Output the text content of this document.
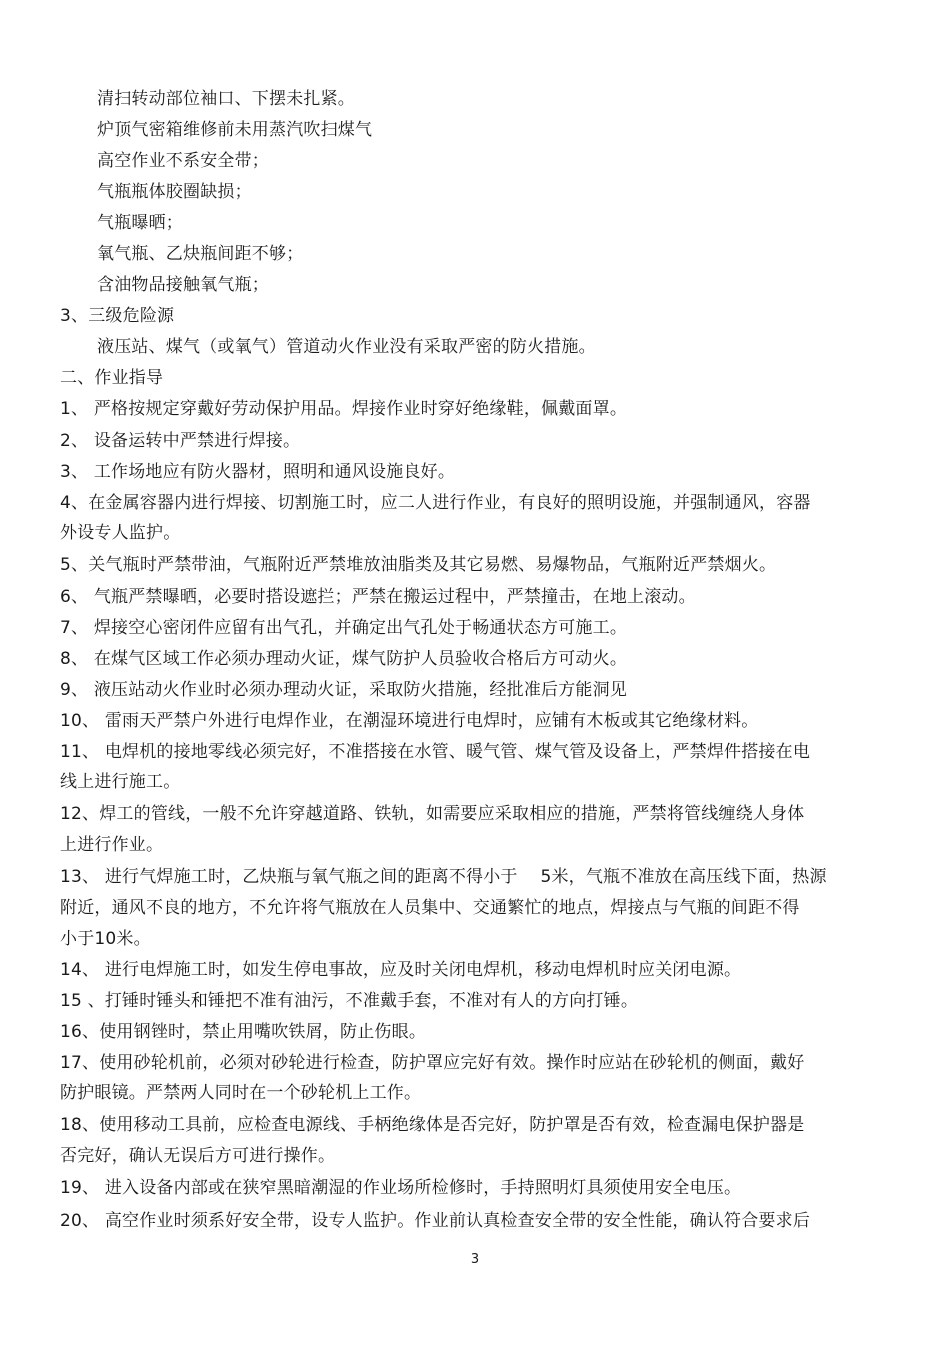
清扫转动部位袖口、下摆未扎紧。
炉顶气密箱维修前未用蒸汽吹扫煤气
高空作业不系安全带；
气瓶瓶体胶圈缺损；
气瓶曝晒；
氧气瓶、乙炔瓶间距不够；
含油物品接触氧气瓶；
3、三级危险源
液压站、煤气（或氧气）管道动火作业没有采取严密的防火措施。
二、作业指导
1、 严格按规定穿戴好劳动保护用品。焊接作业时穿好绝缘鞋，佩戴面罩。
2、 设备运转中严禁进行焊接。
3、 工作场地应有防火器材，照明和通风设施良好。
4、在金属容器内进行焊接、切割施工时，应二人进行作业，有良好的照明设施，并强制通风，容器
外设专人监护。
5、关气瓶时严禁带油，气瓶附近严禁堆放油脂类及其它易燃、易爆物品，气瓶附近严禁烟火。
6、 气瓶严禁曝晒，必要时搭设遮拦；严禁在搬运过程中，严禁撞击，在地上滚动。
7、 焊接空心密闭件应留有出气孔，并确定出气孔处于畅通状态方可施工。
8、 在煤气区域工作必须办理动火证，煤气防护人员验收合格后方可动火。
9、 液压站动火作业时必须办理动火证，采取防火措施，经批准后方能洞见
10、 雷雨天严禁户外进行电焊作业，在潮湿环境进行电焊时，应铺有木板或其它绝缘材料。
11、 电焊机的接地零线必须完好，不准搭接在水管、暖气管、煤气管及设备上，严禁焊件搭接在电
线上进行施工。
12、焊工的管线，一般不允许穿越道路、铁轨，如需要应采取相应的措施，严禁将管线缠绕人身体
上进行作业。
13、 进行气焊施工时，乙炔瓶与氧气瓶之间的距离不得小于　 5米，气瓶不准放在高压线下面，热源
附近，通风不良的地方，不允许将气瓶放在人员集中、交通繁忙的地点，焊接点与气瓶的间距不得
小于10米。
14、 进行电焊施工时，如发生停电事故，应及时关闭电焊机，移动电焊机时应关闭电源。
15 、打锤时锤头和锤把不准有油污，不准戴手套，不准对有人的方向打锤。
16、使用钢锉时，禁止用嘴吹铁屑，防止伤眼。
17、使用砂轮机前，必须对砂轮进行检查，防护罩应完好有效。操作时应站在砂轮机的侧面，戴好
防护眼镜。严禁两人同时在一个砂轮机上工作。
18、使用移动工具前，应检查电源线、手柄绝缘体是否完好，防护罩是否有效，检查漏电保护器是
否完好，确认无误后方可进行操作。
19、 进入设备内部或在狭窄黑暗潮湿的作业场所检修时，手持照明灯具须使用安全电压。
20、 高空作业时须系好安全带，设专人监护。作业前认真检查安全带的安全性能，确认符合要求后
3
